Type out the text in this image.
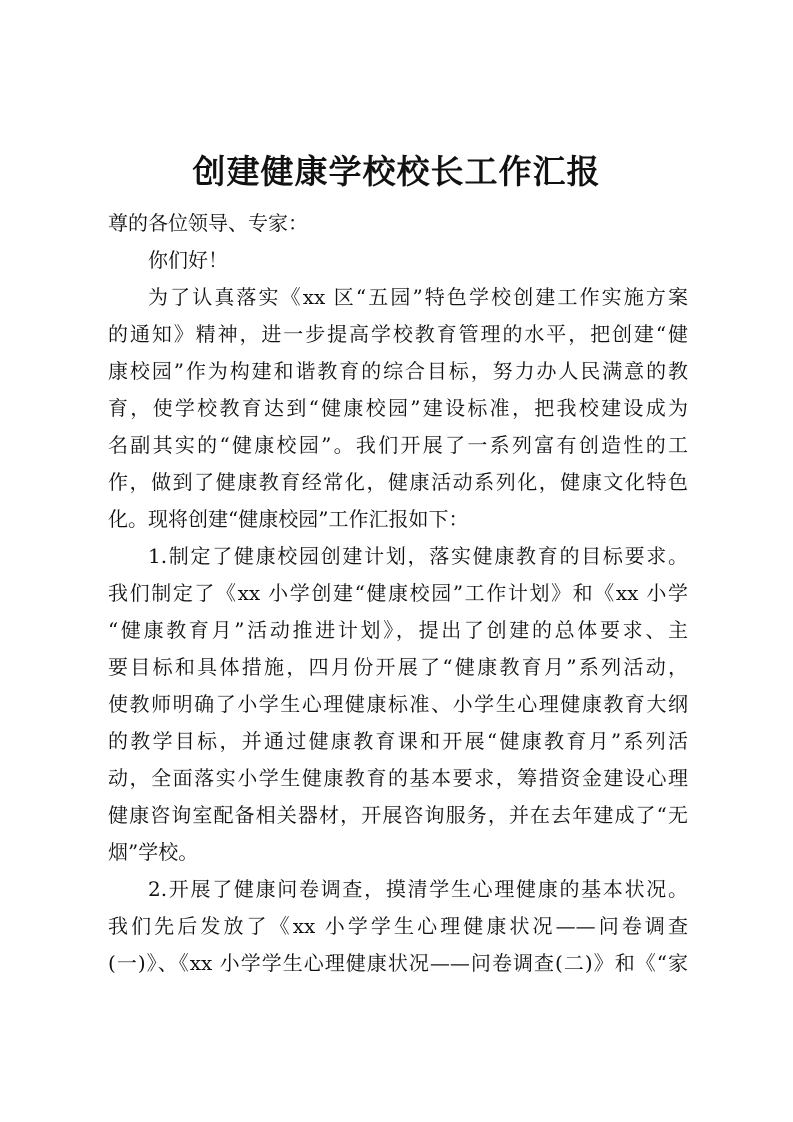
创建健康学校校长工作汇报
尊的各位领导、专家：
你们好！
为了认真落实《xx 区“五园”特色学校创建工作实施方案
的通知》精神，进一步提高学校教育管理的水平，把创建“健
康校园”作为构建和谐教育的综合目标，努力办人民满意的教
育，使学校教育达到“健康校园”建设标准，把我校建设成为
名副其实的“健康校园”。我们开展了一系列富有创造性的工
作，做到了健康教育经常化，健康活动系列化，健康文化特色
化。现将创建“健康校园”工作汇报如下：
1.制定了健康校园创建计划，落实健康教育的目标要求。
我们制定了《xx 小学创建“健康校园”工作计划》和《xx 小学
“健康教育月”活动推进计划》，提出了创建的总体要求、主
要目标和具体措施，四月份开展了“健康教育月”系列活动，
使教师明确了小学生心理健康标准、小学生心理健康教育大纲
的教学目标，并通过健康教育课和开展“健康教育月”系列活
动，全面落实小学生健康教育的基本要求，筹措资金建设心理
健康咨询室配备相关器材，开展咨询服务，并在去年建成了“无
烟”学校。
2.开展了健康问卷调查，摸清学生心理健康的基本状况。
我们先后发放了《xx 小学学生心理健康状况——问卷调查
(一)》、《xx 小学学生心理健康状况——问卷调查(二)》和《“家
